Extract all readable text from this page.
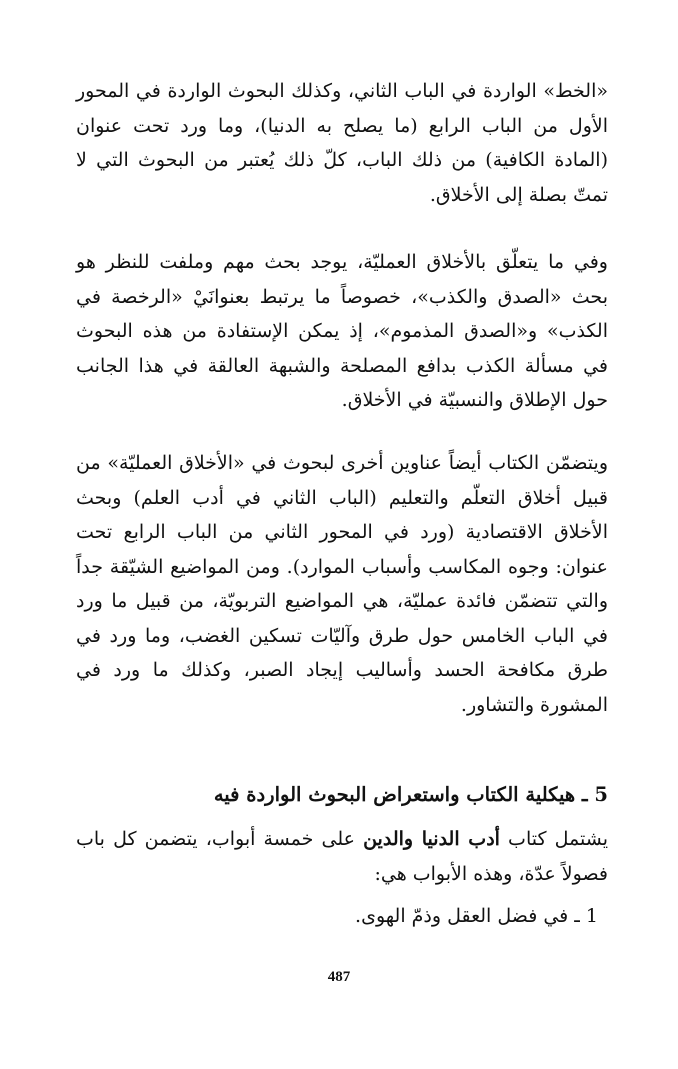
«الخط» الواردة في الباب الثاني، وكذلك البحوث الواردة في المحور الأول من الباب الرابع (ما يصلح به الدنيا)، وما ورد تحت عنوان (المادة الكافية) من ذلك الباب، كلّ ذلك يُعتبر من البحوث التي لا تمتّ بصلة إلى الأخلاق.

وفي ما يتعلّق بالأخلاق العمليّة، يوجد بحث مهم وملفت للنظر هو بحث «الصدق والكذب»، خصوصاً ما يرتبط بعنوانَيْ «الرخصة في الكذب» و«الصدق المذموم»، إذ يمكن الإستفادة من هذه البحوث في مسألة الكذب بدافع المصلحة والشبهة العالقة في هذا الجانب حول الإطلاق والنسبيّة في الأخلاق.

ويتضمّن الكتاب أيضاً عناوين أخرى لبحوث في «الأخلاق العمليّة» من قبيل أخلاق التعلّم والتعليم (الباب الثاني في أدب العلم) وبحث الأخلاق الاقتصادية (ورد في المحور الثاني من الباب الرابع تحت عنوان: وجوه المكاسب وأسباب الموارد). ومن المواضيع الشيّقة جداً والتي تتضمّن فائدة عمليّة، هي المواضيع التربويّة، من قبيل ما ورد في الباب الخامس حول طرق وآليّات تسكين الغضب، وما ورد في طرق مكافحة الحسد وأساليب إيجاد الصبر، وكذلك ما ورد في المشورة والتشاور.

5 ـ هيكلية الكتاب واستعراض البحوث الواردة فيه

يشتمل كتاب أدب الدنيا والدين على خمسة أبواب، يتضمن كل باب فصولاً عدّة، وهذه الأبواب هي:

1 ـ في فضل العقل وذمّ الهوى.
487
